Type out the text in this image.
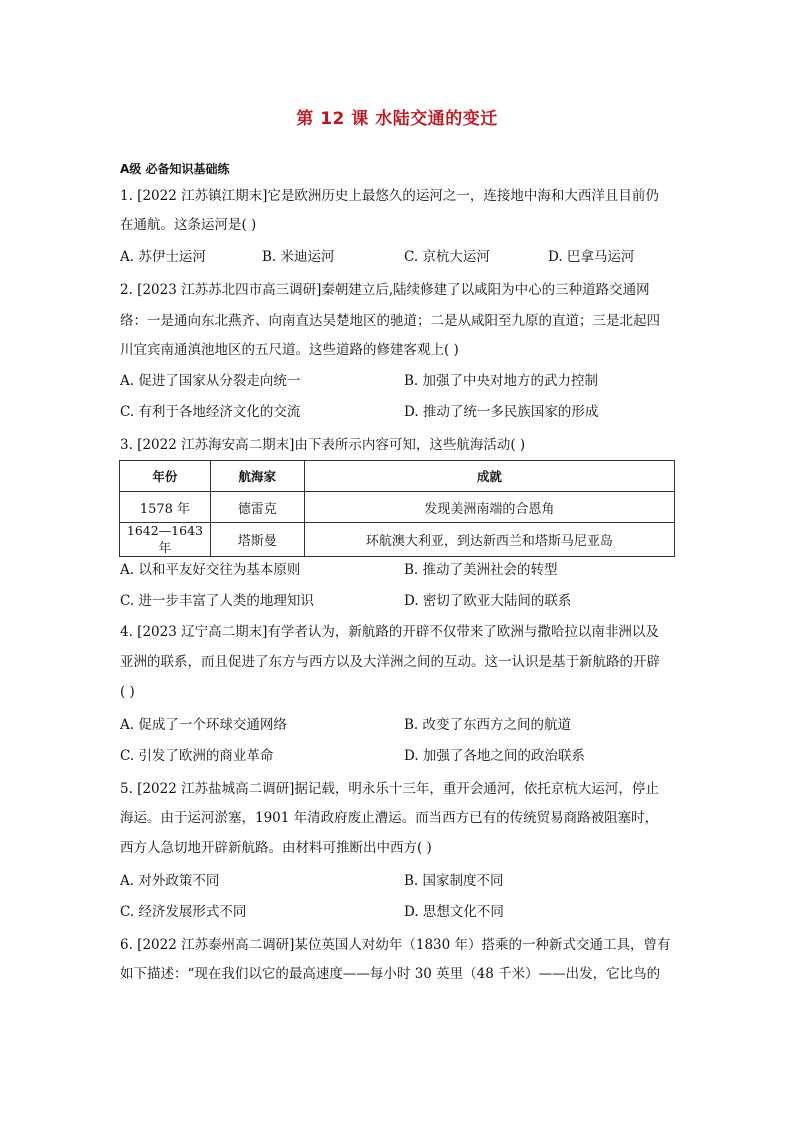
第 12 课 水陆交通的变迁
A级 必备知识基础练
1. [2022 江苏镇江期末]它是欧洲历史上最悠久的运河之一，连接地中海和大西洋且目前仍
在通航。这条运河是( )
A. 苏伊士运河	B. 米迪运河	C. 京杭大运河	D. 巴拿马运河
2. [2023 江苏苏北四市高三调研]秦朝建立后,陆续修建了以咸阳为中心的三种道路交通网
络：一是通向东北燕齐、向南直达吴楚地区的驰道；二是从咸阳至九原的直道；三是北起四
川宜宾南通滇池地区的五尺道。这些道路的修建客观上( )
A. 促进了国家从分裂走向统一	B. 加强了中央对地方的武力控制
C. 有利于各地经济文化的交流	D. 推动了统一多民族国家的形成
3. [2022 江苏海安高二期末]由下表所示内容可知，这些航海活动( )
年份	航海家	成就
1578 年	德雷克	发现美洲南端的合恩角
1642—1643 年	塔斯曼	环航澳大利亚，到达新西兰和塔斯马尼亚岛
A. 以和平友好交往为基本原则	B. 推动了美洲社会的转型
C. 进一步丰富了人类的地理知识	D. 密切了欧亚大陆间的联系
4. [2023 辽宁高二期末]有学者认为，新航路的开辟不仅带来了欧洲与撒哈拉以南非洲以及
亚洲的联系，而且促进了东方与西方以及大洋洲之间的互动。这一认识是基于新航路的开辟
( )
A. 促成了一个环球交通网络	B. 改变了东西方之间的航道
C. 引发了欧洲的商业革命	D. 加强了各地之间的政治联系
5. [2022 江苏盐城高二调研]据记载，明永乐十三年，重开会通河，依托京杭大运河，停止
海运。由于运河淤塞，1901 年清政府废止漕运。而当西方已有的传统贸易商路被阻塞时，
西方人急切地开辟新航路。由材料可推断出中西方( )
A. 对外政策不同	B. 国家制度不同
C. 经济发展形式不同	D. 思想文化不同
6. [2022 江苏泰州高二调研]某位英国人对幼年（1830 年）搭乘的一种新式交通工具，曾有
如下描述：“现在我们以它的最高速度——每小时 30 英里（48 千米）——出发，它比鸟的
